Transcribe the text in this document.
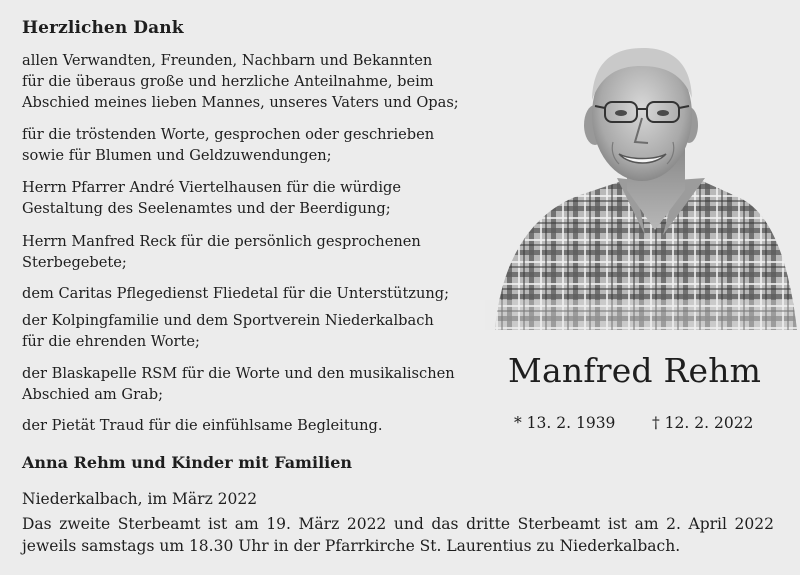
Herzlichen Dank
allen Verwandten, Freunden, Nachbarn und Bekannten
für die überaus große und herzliche Anteilnahme, beim
Abschied meines lieben Mannes, unseres Vaters und Opas;
für die tröstenden Worte, gesprochen oder geschrieben
sowie für Blumen und Geldzuwendungen;
Herrn Pfarrer André Viertelhausen für die würdige
Gestaltung des Seelenamtes und der Beerdigung;
Herrn Manfred Reck für die persönlich gesprochenen
Sterbegebete;
dem Caritas Pflegedienst Fliedetal für die Unterstützung;
der Kolpingfamilie und dem Sportverein Niederkalbach
für die ehrenden Worte;
der Blaskapelle RSM für die Worte und den musikalischen
Abschied am Grab;
der Pietät Traud für die einfühlsame Begleitung.
Manfred Rehm
* 13. 2. 1939 † 12. 2. 2022
Anna Rehm und Kinder mit Familien
Niederkalbach, im März 2022
Das zweite Sterbeamt ist am 19. März 2022 und das dritte Sterbeamt ist am 2. April 2022
jeweils samstags um 18.30 Uhr in der Pfarrkirche St. Laurentius zu Niederkalbach.
